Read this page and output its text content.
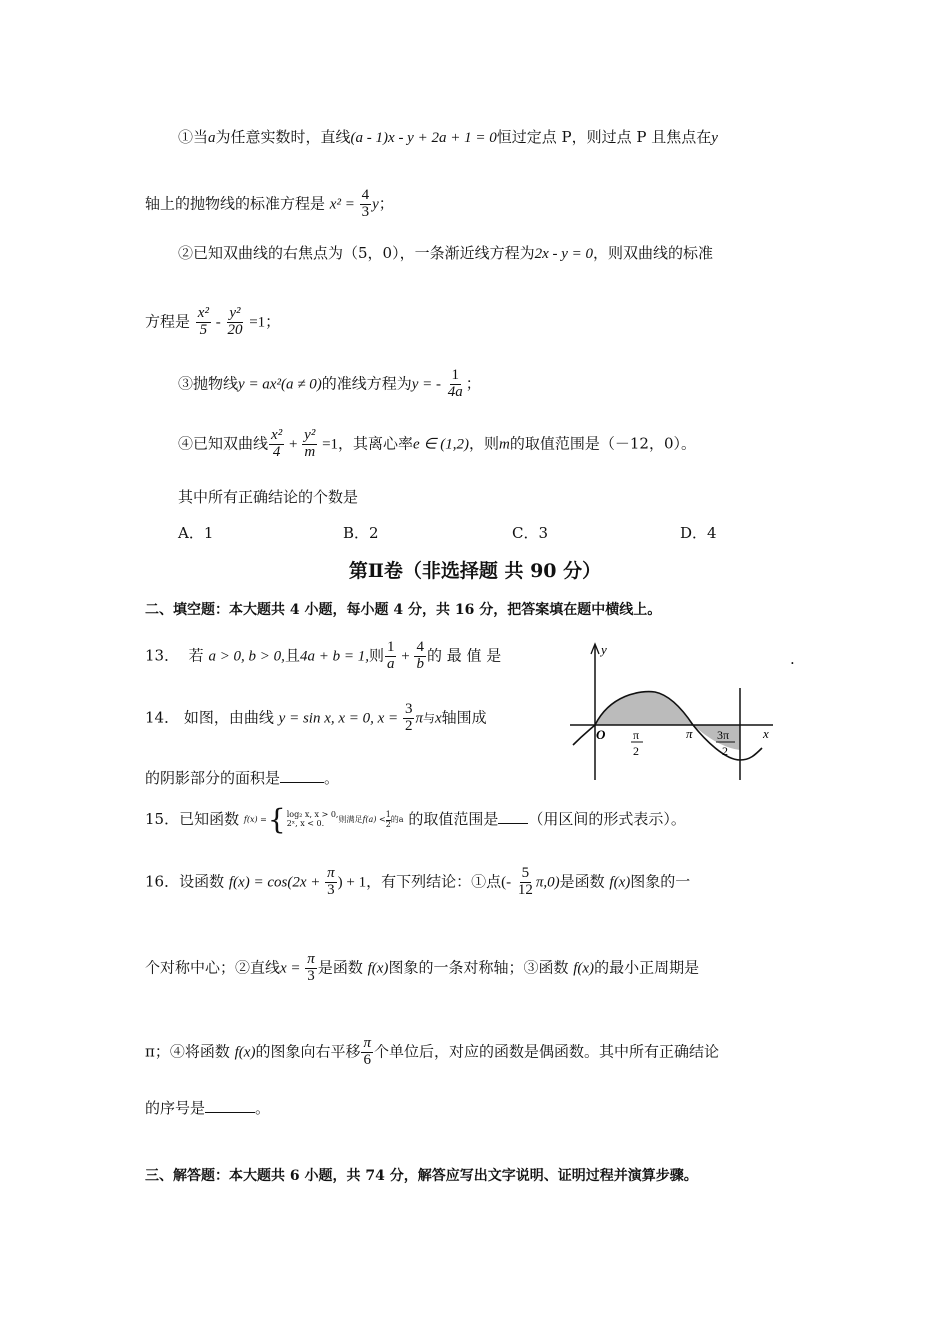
①当a为任意实数时，直线(a - 1)x - y + 2a + 1 = 0恒过定点 P，则过点 P 且焦点在y
轴上的抛物线的标准方程是 $x^2 = \frac{4}{3}$ y；
②已知双曲线的右焦点为（5，0），一条渐近线方程为2x - y = 0，则双曲线的标准
方程是 $\frac{\text{x²}}{5} - \frac{\text{y²}}{20} =1$；
③抛物线y = ax²(a ≠ 0)的准线方程为y = - $\frac{1}{4a}$ ；
④已知双曲线 $\frac{\text{x²}}{4} + \frac{\text{y²}}{m} =1$，其离心率e ∈ (1,2)，则m的取值范围是（－12，0）。
其中所有正确结论的个数是
A．1	B．2	C．3	D．4
第Ⅱ卷（非选择题 共 90 分）
二、填空题：本大题共 4 小题，每小题 4 分，共 16 分，把答案填在题中横线上。
13． 若 a > 0, b > 0,且4a + b = 1,则 $\frac{1}{a} + \frac{4}{b}$ 的 最 值 是	.
14． 如图，由曲线 y = sin x, x = 0, $x = \frac{3}{2}$ π与x轴围成
的阴影部分的面积是	。
y
x
O π
2
π 3π
2
15．已知函数 f(x) = { log₂ x, x > 0,
2ˣ, x < 0.	则满足 f(a) <
1
2
的a 的取值范围是 （用区间的形式表示）。
16．设函数 $f(x) = \cos(2x + \frac{\pi}{3}$ ) + 1，有下列结论：①点(- $\frac{5}{12} \pi,0$)是函数 f(x)图象的一
个对称中心；②直线$x = \frac{\pi}{3}$ 是函数 f(x)图象的一条对称轴；③函数 f(x)的最小正周期是
π；④将函数 f(x)的图象向右平移 $\frac{\pi}{6}$ 个单位后，对应的函数是偶函数。其中所有正确结论
的序号是	。
三、解答题：本大题共 6 小题，共 74 分，解答应写出文字说明、证明过程并演算步骤。
